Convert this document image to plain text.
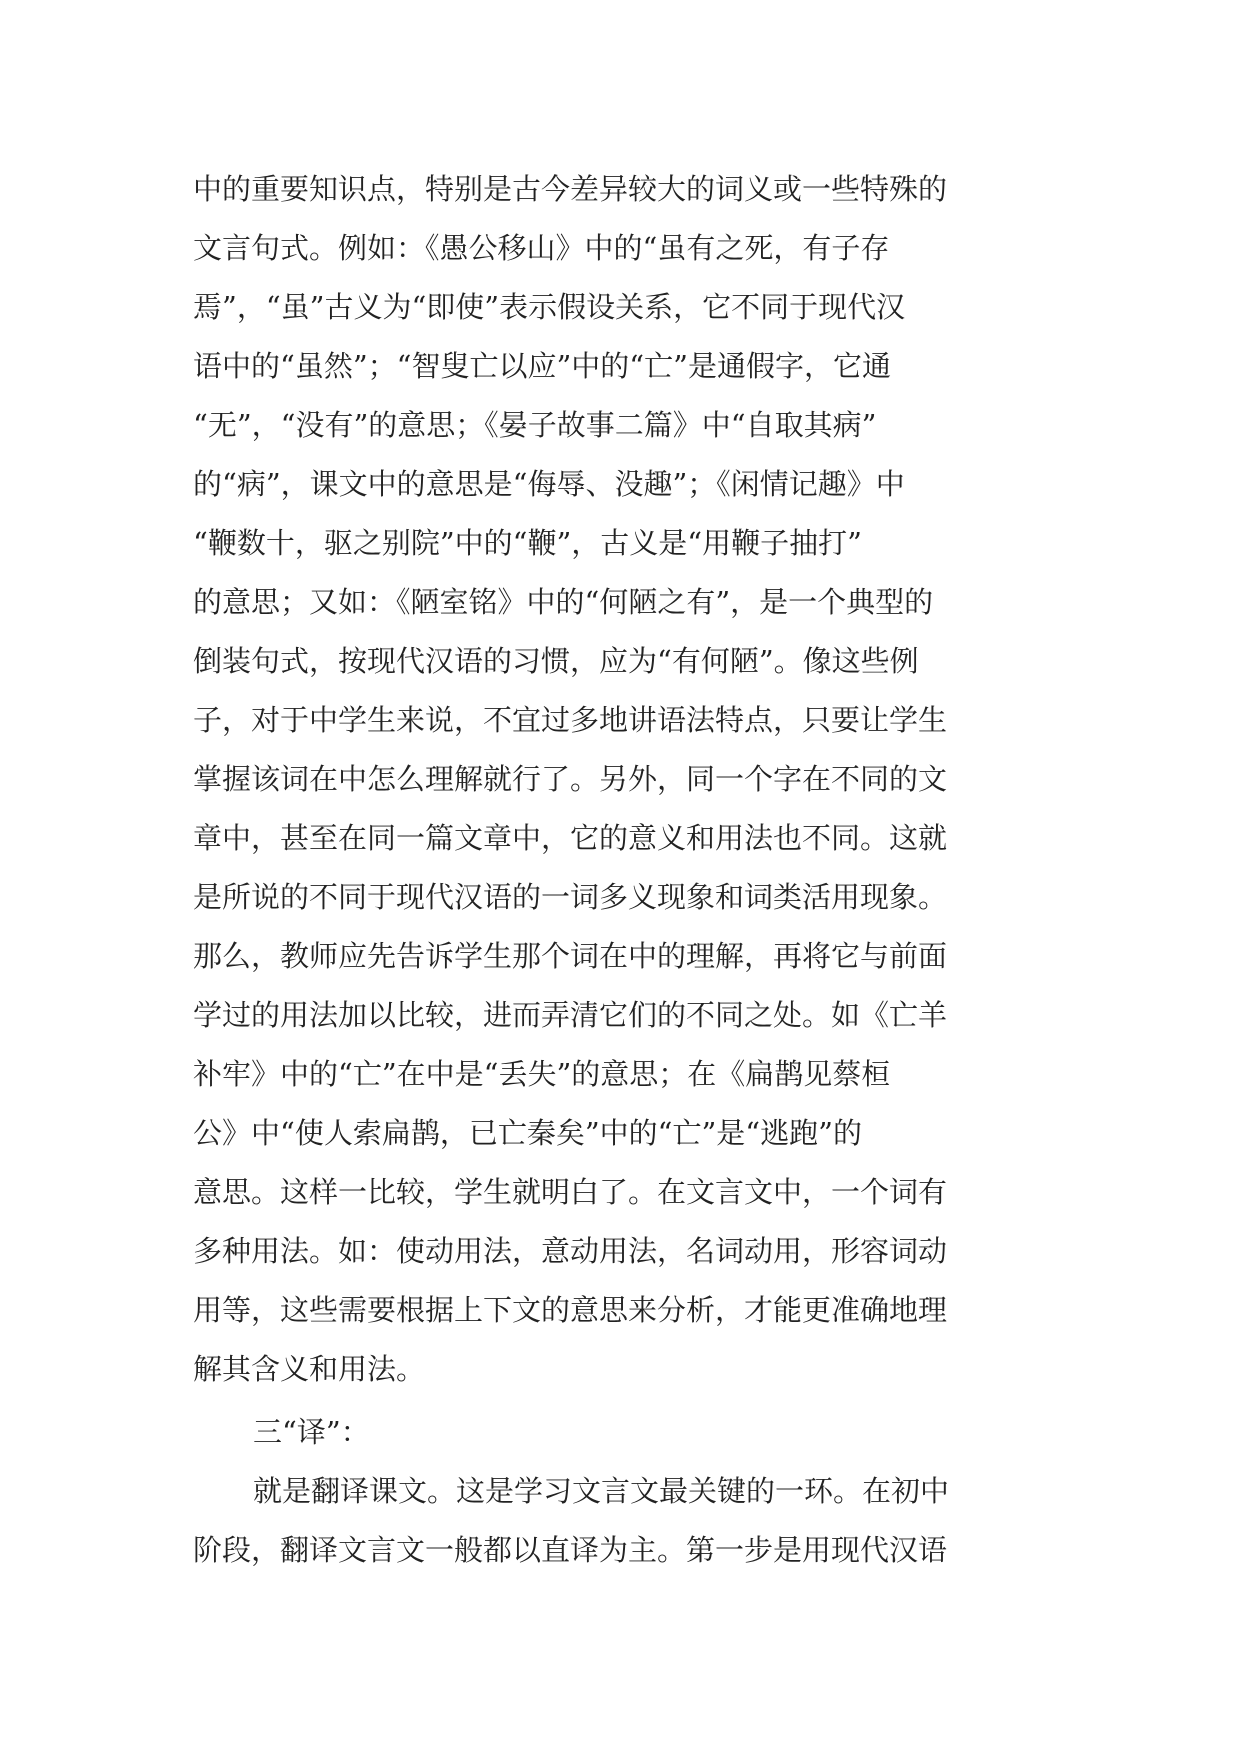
中的重要知识点，特别是古今差异较大的词义或一些特殊的
文言句式。例如：《愚公移山》中的“虽有之死，有子存
焉”，“虽”古义为“即使”表示假设关系，它不同于现代汉
语中的“虽然”；“智叟亡以应”中的“亡”是通假字，它通
“无”，“没有”的意思；《晏子故事二篇》中“自取其病”
的“病”，课文中的意思是“侮辱、没趣”；《闲情记趣》中
“鞭数十，驱之别院”中的“鞭”，古义是“用鞭子抽打”
的意思；又如：《陋室铭》中的“何陋之有”，是一个典型的
倒装句式，按现代汉语的习惯，应为“有何陋”。像这些例
子，对于中学生来说，不宜过多地讲语法特点，只要让学生
掌握该词在中怎么理解就行了。另外，同一个字在不同的文
章中，甚至在同一篇文章中，它的意义和用法也不同。这就
是所说的不同于现代汉语的一词多义现象和词类活用现象。
那么，教师应先告诉学生那个词在中的理解，再将它与前面
学过的用法加以比较，进而弄清它们的不同之处。如《亡羊
补牢》中的“亡”在中是“丢失”的意思；在《扁鹊见蔡桓
公》中“使人索扁鹊，已亡秦矣”中的“亡”是“逃跑”的
意思。这样一比较，学生就明白了。在文言文中，一个词有
多种用法。如：使动用法，意动用法，名词动用，形容词动
用等，这些需要根据上下文的意思来分析，才能更准确地理
解其含义和用法。
三“译”：
就是翻译课文。这是学习文言文最关键的一环。在初中
阶段，翻译文言文一般都以直译为主。第一步是用现代汉语
